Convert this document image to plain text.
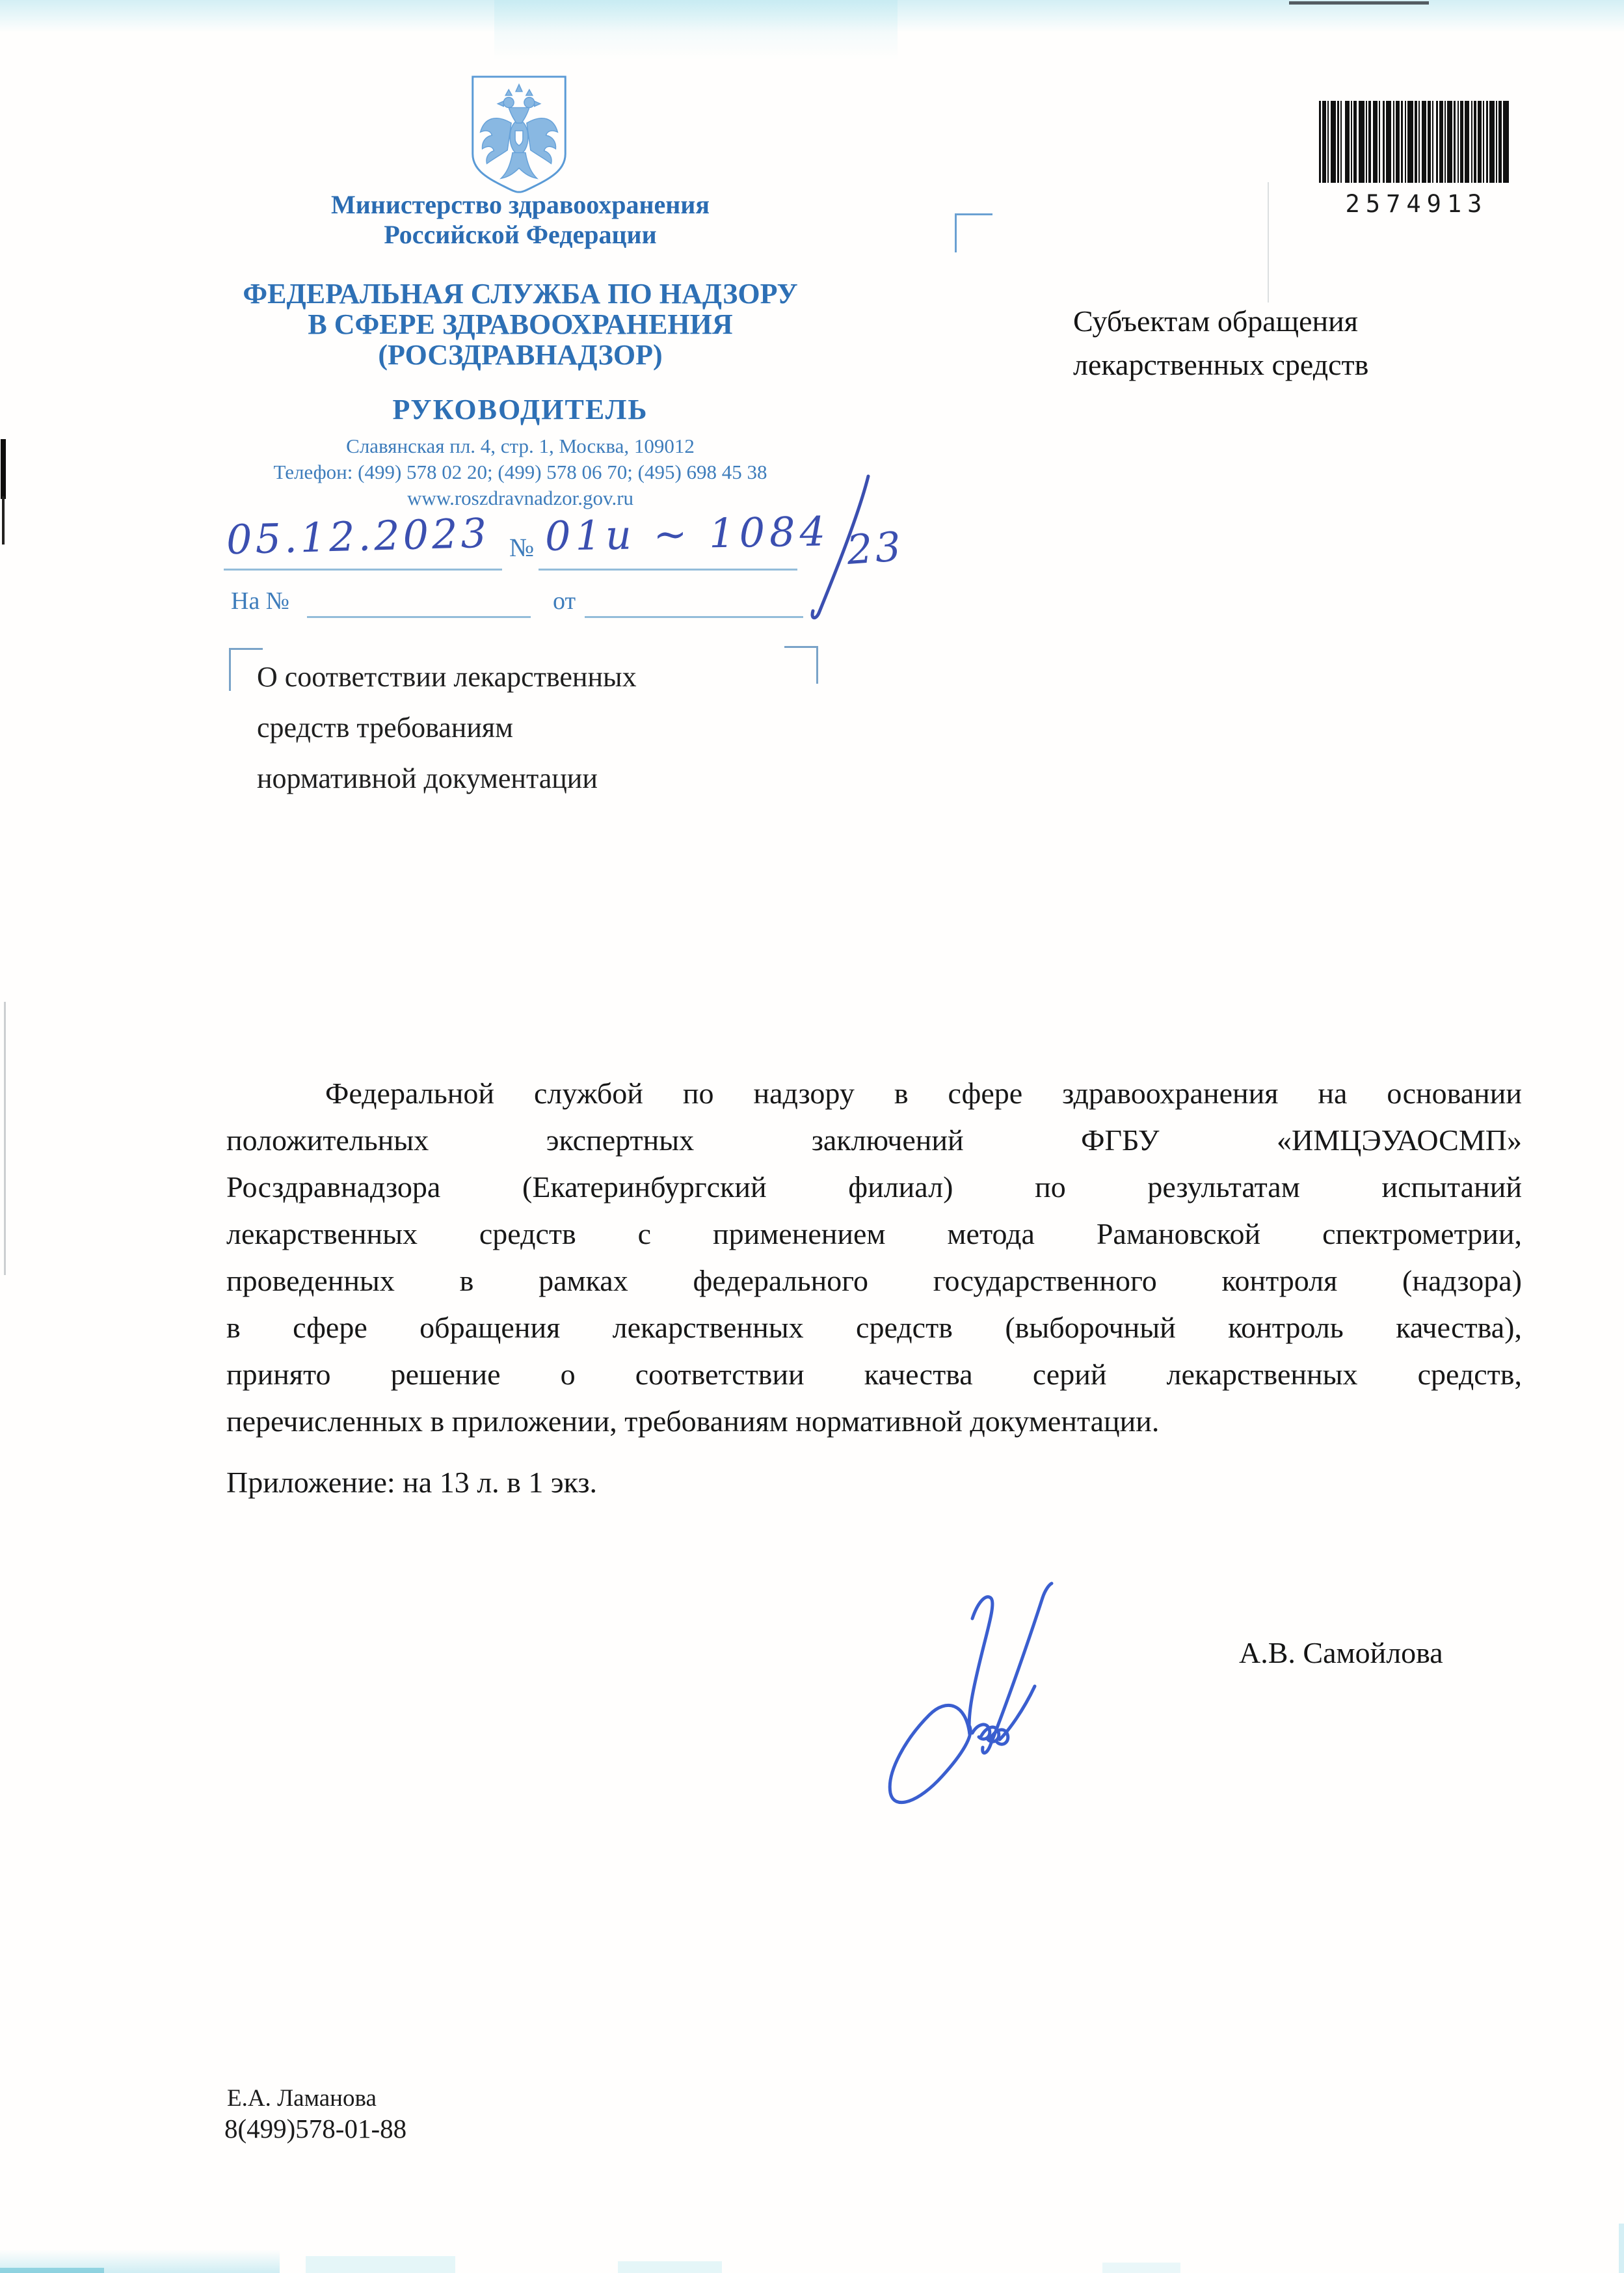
Министерство здравоохранения
Российской Федерации
ФЕДЕРАЛЬНАЯ СЛУЖБА ПО НАДЗОРУ
В СФЕРЕ ЗДРАВООХРАНЕНИЯ
(РОСЗДРАВНАДЗОР)
РУКОВОДИТЕЛЬ
Славянская пл. 4, стр. 1, Москва, 109012
Телефон: (499) 578 02 20; (499) 578 06 70; (495) 698 45 38
www.roszdravnadzor.gov.ru
05.12.2023 № 01и ~ 1084 23
На №	от
2574913
Субъектам обращения
лекарственных средств
О соответствии лекарственных
средств требованиям
нормативной документации
Федеральной службой по надзору в сфере здравоохранения на основании
положительных экспертных заключений ФГБУ «ИМЦЭУАОСМП»
Росздравнадзора (Екатеринбургский филиал) по результатам испытаний
лекарственных средств с применением метода Рамановской спектрометрии,
проведенных в рамках федерального государственного контроля (надзора)
в сфере обращения лекарственных средств (выборочный контроль качества),
принято решение о соответствии качества серий лекарственных средств,
перечисленных в приложении, требованиям нормативной документации.
Приложение: на 13 л. в 1 экз.
А.В. Самойлова
Е.А. Ламанова
8(499)578-01-88
